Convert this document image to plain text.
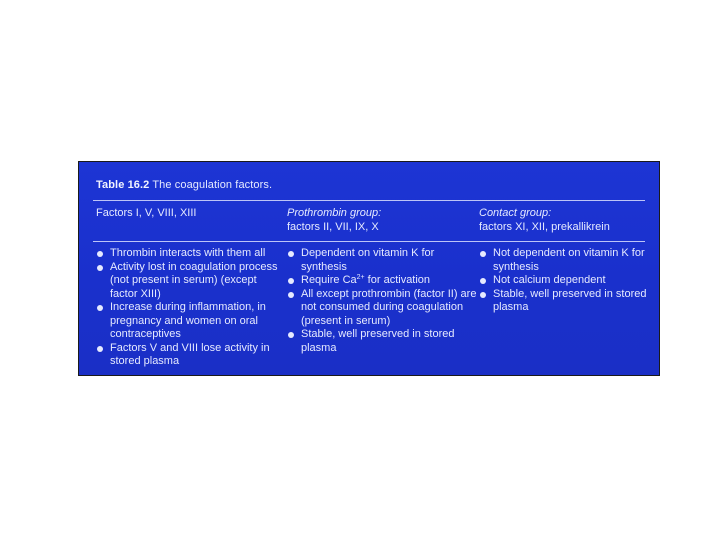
Table 16.2 The coagulation factors.
Factors I, V, VIII, XIII	Prothrombin group:
factors II, VII, IX, X
Contact group:
factors XI, XII, prekallikrein
Thrombin interacts with them all
Activity lost in coagulation process (not present in serum) (except factor XIII)
Increase during inflammation, in pregnancy and women on oral contraceptives
Factors V and VIII lose activity in stored plasma
Dependent on vitamin K for synthesis
Require $Ca^{2+}$ for activation
All except prothrombin (factor II) are not consumed during coagulation (present in serum)
Stable, well preserved in stored plasma
Not dependent on vitamin K for synthesis
Not calcium dependent
Stable, well preserved in stored plasma
